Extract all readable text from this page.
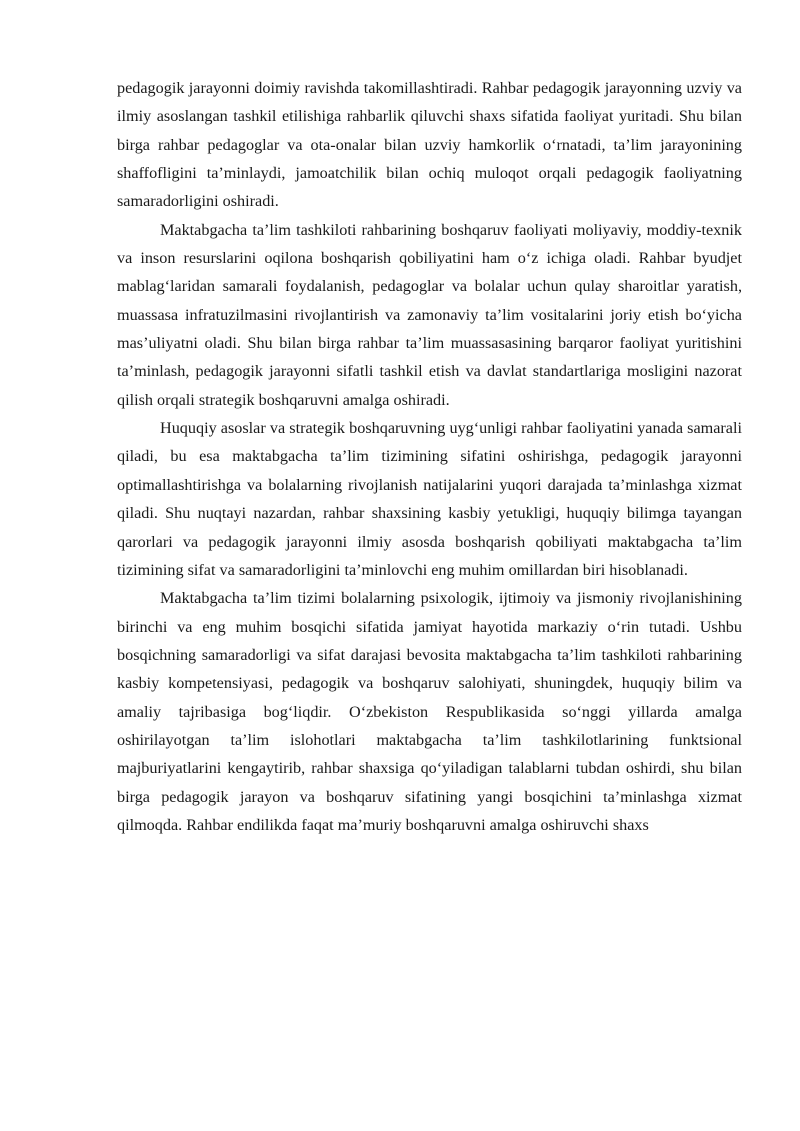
pedagogik jarayonni doimiy ravishda takomillashtiradi. Rahbar pedagogik jarayonning uzviy va ilmiy asoslangan tashkil etilishiga rahbarlik qiluvchi shaxs sifatida faoliyat yuritadi. Shu bilan birga rahbar pedagoglar va ota-onalar bilan uzviy hamkorlik o‘rnatadi, ta’lim jarayonining shaffofligini ta’minlaydi, jamoatchilik bilan ochiq muloqot orqali pedagogik faoliyatning samaradorligini oshiradi.

Maktabgacha ta’lim tashkiloti rahbarining boshqaruv faoliyati moliyaviy, moddiy-texnik va inson resurslarini oqilona boshqarish qobiliyatini ham o‘z ichiga oladi. Rahbar byudjet mablag‘laridan samarali foydalanish, pedagoglar va bolalar uchun qulay sharoitlar yaratish, muassasa infratuzilmasini rivojlantirish va zamonaviy ta’lim vositalarini joriy etish bo‘yicha mas’uliyatni oladi. Shu bilan birga rahbar ta’lim muassasasining barqaror faoliyat yuritishini ta’minlash, pedagogik jarayonni sifatli tashkil etish va davlat standartlariga mosligini nazorat qilish orqali strategik boshqaruvni amalga oshiradi.

Huquqiy asoslar va strategik boshqaruvning uyg‘unligi rahbar faoliyatini yanada samarali qiladi, bu esa maktabgacha ta’lim tizimining sifatini oshirishga, pedagogik jarayonni optimallashtirishga va bolalarning rivojlanish natijalarini yuqori darajada ta’minlashga xizmat qiladi. Shu nuqtayi nazardan, rahbar shaxsining kasbiy yetukligi, huquqiy bilimga tayangan qarorlari va pedagogik jarayonni ilmiy asosda boshqarish qobiliyati maktabgacha ta’lim tizimining sifat va samaradorligini ta’minlovchi eng muhim omillardan biri hisoblanadi.

Maktabgacha ta’lim tizimi bolalarning psixologik, ijtimoiy va jismoniy rivojlanishining birinchi va eng muhim bosqichi sifatida jamiyat hayotida markaziy o‘rin tutadi. Ushbu bosqichning samaradorligi va sifat darajasi bevosita maktabgacha ta’lim tashkiloti rahbarining kasbiy kompetensiyasi, pedagogik va boshqaruv salohiyati, shuningdek, huquqiy bilim va amaliy tajribasiga bog‘liqdir. O‘zbekiston Respublikasida so‘nggi yillarda amalga oshirilayotgan ta’lim islohotlari maktabgacha ta’lim tashkilotlarining funktsional majburiyatlarini kengaytirib, rahbar shaxsiga qo‘yiladigan talablarni tubdan oshirdi, shu bilan birga pedagogik jarayon va boshqaruv sifatining yangi bosqichini ta’minlashga xizmat qilmoqda. Rahbar endilikda faqat ma’muriy boshqaruvni amalga oshiruvchi shaxs
